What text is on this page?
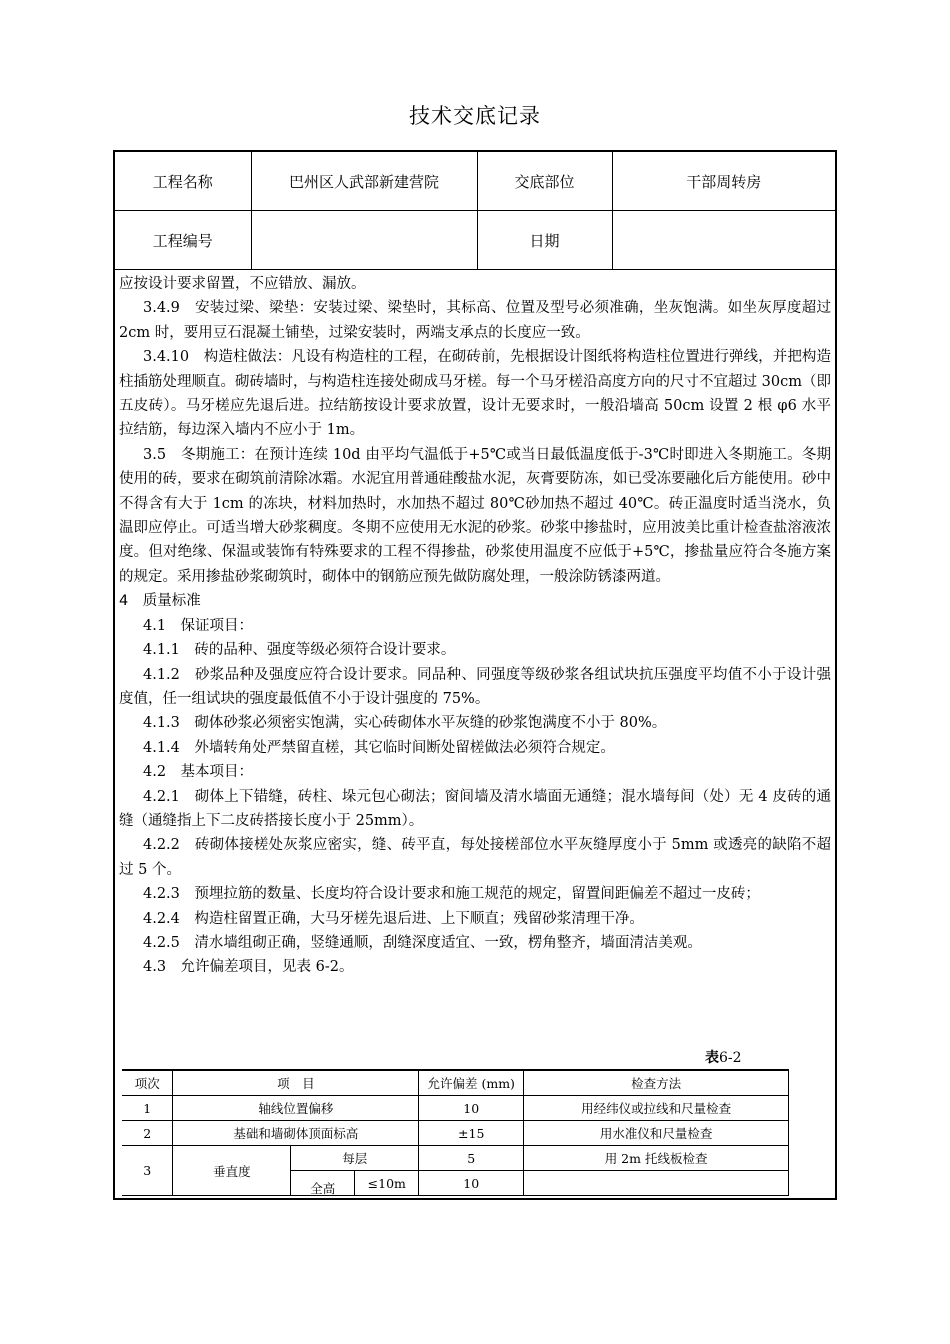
技术交底记录
工程名称	巴州区人武部新建营院	交底部位	干部周转房
工程编号		日期	

应按设计要求留置，不应错放、漏放。

3.4.9　安装过梁、梁垫：安装过梁、梁垫时，其标高、位置及型号必须准确，坐灰饱满。如坐灰厚度超过 2cm 时，要用豆石混凝土铺垫，过梁安装时，两端支承点的长度应一致。

3.4.10　构造柱做法：凡设有构造柱的工程，在砌砖前，先根据设计图纸将构造柱位置进行弹线，并把构造柱插筋处理顺直。砌砖墙时，与构造柱连接处砌成马牙槎。每一个马牙槎沿高度方向的尺寸不宜超过 30cm（即五皮砖）。马牙槎应先退后进。拉结筋按设计要求放置，设计无要求时，一般沿墙高 50cm 设置 2 根 φ6 水平拉结筋，每边深入墙内不应小于 1m。

3.5　冬期施工：在预计连续 10d 由平均气温低于+5℃或当日最低温度低于-3℃时即进入冬期施工。冬期使用的砖，要求在砌筑前清除冰霜。水泥宜用普通硅酸盐水泥，灰膏要防冻，如已受冻要融化后方能使用。砂中不得含有大于 1cm 的冻块，材料加热时，水加热不超过 80℃砂加热不超过 40℃。砖正温度时适当浇水，负温即应停止。可适当增大砂浆稠度。冬期不应使用无水泥的砂浆。砂浆中掺盐时，应用波美比重计检查盐溶液浓度。但对绝缘、保温或装饰有特殊要求的工程不得掺盐，砂浆使用温度不应低于+5℃，掺盐量应符合冬施方案的规定。采用掺盐砂浆砌筑时，砌体中的钢筋应预先做防腐处理，一般涂防锈漆两道。

4　质量标准

4.1　保证项目：

4.1.1　砖的品种、强度等级必须符合设计要求。

4.1.2　砂浆品种及强度应符合设计要求。同品种、同强度等级砂浆各组试块抗压强度平均值不小于设计强度值，任一组试块的强度最低值不小于设计强度的 75%。

4.1.3　砌体砂浆必须密实饱满，实心砖砌体水平灰缝的砂浆饱满度不小于 80%。

4.1.4　外墙转角处严禁留直槎，其它临时间断处留槎做法必须符合规定。

4.2　基本项目：

4.2.1　砌体上下错缝，砖柱、垛元包心砌法；窗间墙及清水墙面无通缝；混水墙每间（处）无 4 皮砖的通缝（通缝指上下二皮砖搭接长度小于 25mm）。

4.2.2　砖砌体接槎处灰浆应密实，缝、砖平直，每处接槎部位水平灰缝厚度小于 5mm 或透亮的缺陷不超过 5 个。

4.2.3　预埋拉筋的数量、长度均符合设计要求和施工规范的规定，留置间距偏差不超过一皮砖；

4.2.4　构造柱留置正确，大马牙槎先退后进、上下顺直；残留砂浆清理干净。

4.2.5　清水墙组砌正确，竖缝通顺，刮缝深度适宜、一致，楞角整齐，墙面清洁美观。

4.3　允许偏差项目，见表 6-2。

表6-2
项次	项　目			允许偏差 (mm)	检查方法
1	轴线位置偏移			10	用经纬仪或拉线和尺量检查
2	基础和墙砌体顶面标高			±15	用水准仪和尺量检查
3	垂直度	每层		5	用 2m 托线板检查
		全高	≤10m	10	
